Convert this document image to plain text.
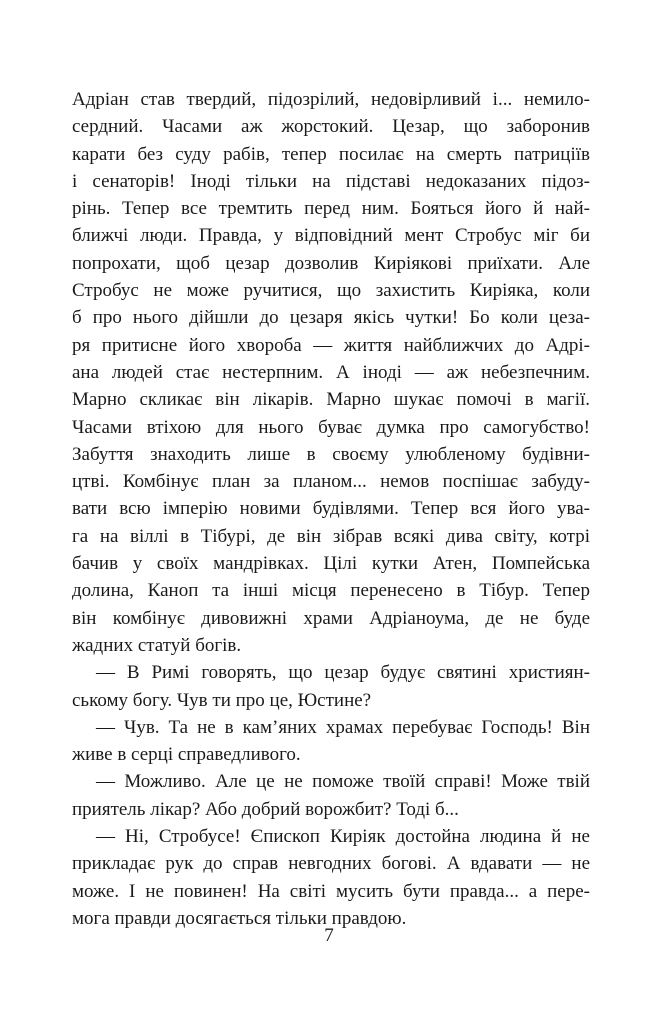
Адріан став твердий, підозрілий, недовірливий і... немило-
сердний. Часами аж жорстокий. Цезар, що заборонив
карати без суду рабів, тепер посилає на смерть патриціїв
і сенаторів! Іноді тільки на підставі недоказаних підоз-
рінь. Тепер все тремтить перед ним. Бояться його й най-
ближчі люди. Правда, у відповідний мент Стробус міг би
попрохати, щоб цезар дозволив Киріякові приїхати. Але
Стробус не може ручитися, що захистить Киріяка, коли
б про нього дійшли до цезаря якісь чутки! Бо коли цеза-
ря притисне його хвороба — життя найближчих до Адрі-
ана людей стає нестерпним. А іноді — аж небезпечним.
Марно скликає він лікарів. Марно шукає помочі в магії.
Часами втіхою для нього буває думка про самогубство!
Забуття знаходить лише в своєму улюбленому будівни-
цтві. Комбінує план за планом... немов поспішає забуду-
вати всю імперію новими будівлями. Тепер вся його ува-
га на віллі в Тібурі, де він зібрав всякі дива світу, котрі
бачив у своїх мандрівках. Цілі кутки Атен, Помпейська
долина, Каноп та інші місця перенесено в Тібур. Тепер
він комбінує дивовижні храми Адріаноума, де не буде
жадних статуй богів.
— В Римі говорять, що цезар будує святині християн-
ському богу. Чув ти про це, Юстине?
— Чув. Та не в кам’яних храмах перебуває Господь! Він
живе в серці справедливого.
— Можливо. Але це не поможе твоїй справі! Може твій
приятель лікар? Або добрий ворожбит? Тоді б...
— Ні, Стробусе! Єпископ Киріяк достойна людина й не
прикладає рук до справ невгодних богові. А вдавати — не
може. І не повинен! На світі мусить бути правда... а пере-
мога правди досягається тільки правдою.
7
